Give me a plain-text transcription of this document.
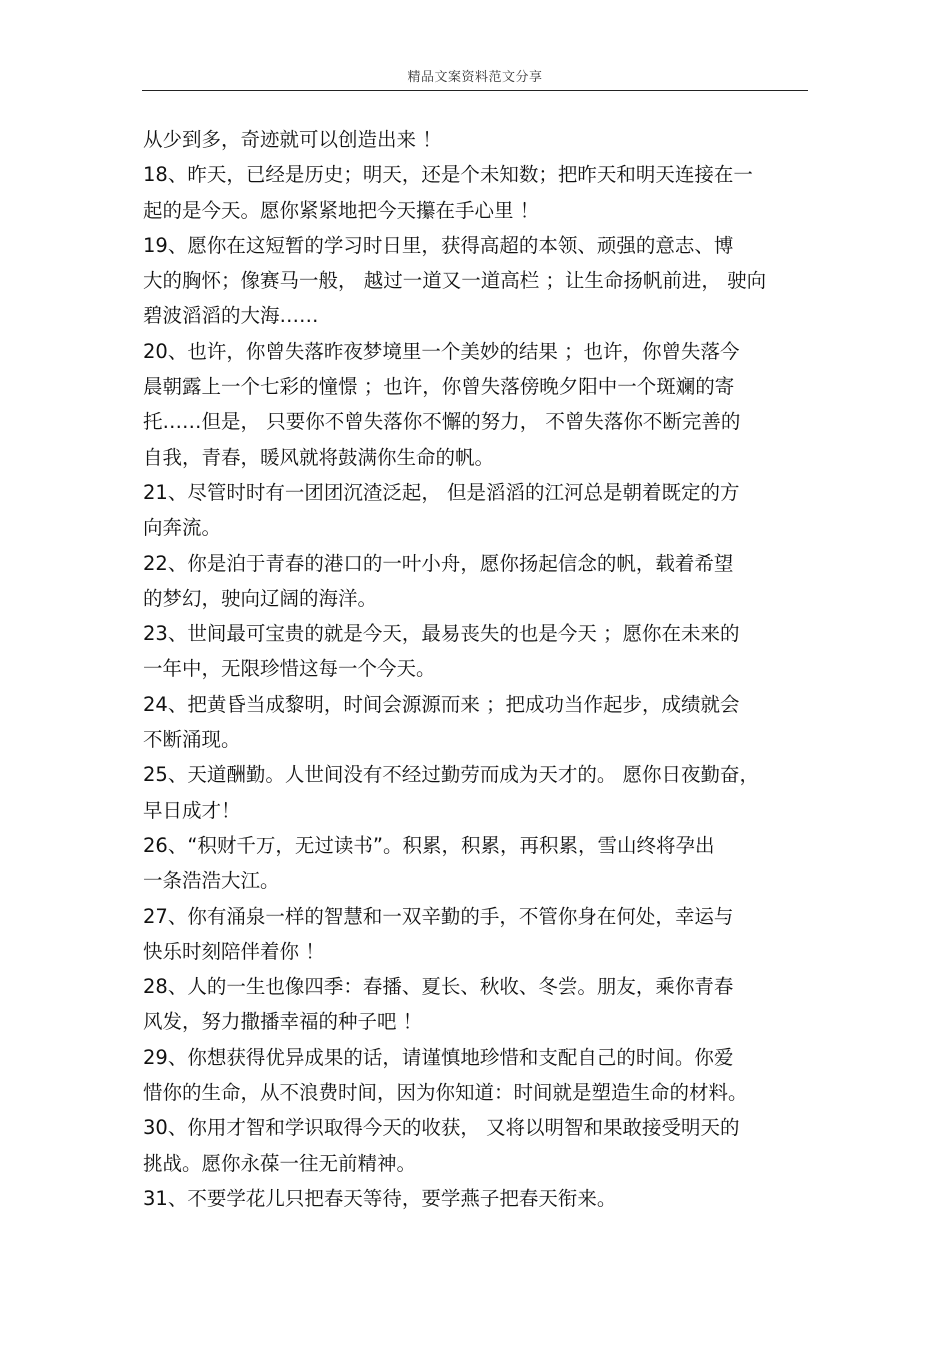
精品文案资料范文分享
从少到多，奇迹就可以创造出来 ！
18、昨天，已经是历史；明天，还是个未知数；把昨天和明天连接在一
起的是今天。愿你紧紧地把今天攥在手心里 ！
19、愿你在这短暂的学习时日里，获得高超的本领、顽强的意志、博
大的胸怀；像赛马一般， 越过一道又一道高栏 ；让生命扬帆前进， 驶向
碧波滔滔的大海……
20、也许，你曾失落昨夜梦境里一个美妙的结果 ；也许，你曾失落今
晨朝露上一个七彩的憧憬 ；也许，你曾失落傍晚夕阳中一个斑斓的寄
托……但是， 只要你不曾失落你不懈的努力， 不曾失落你不断完善的
自我，青春，暖风就将鼓满你生命的帆。
21、尽管时时有一团团沉渣泛起， 但是滔滔的江河总是朝着既定的方
向奔流。
22、你是泊于青春的港口的一叶小舟，愿你扬起信念的帆，载着希望
的梦幻，驶向辽阔的海洋。
23、世间最可宝贵的就是今天，最易丧失的也是今天 ；愿你在未来的
一年中，无限珍惜这每一个今天。
24、把黄昏当成黎明，时间会源源而来 ；把成功当作起步，成绩就会
不断涌现。
25、天道酬勤。人世间没有不经过勤劳而成为天才的。 愿你日夜勤奋，
早日成才！
26、“积财千万，无过读书”。积累，积累，再积累，雪山终将孕出
一条浩浩大江。
27、你有涌泉一样的智慧和一双辛勤的手，不管你身在何处，幸运与
快乐时刻陪伴着你 ！
28、人的一生也像四季：春播、夏长、秋收、冬尝。朋友，乘你青春
风发，努力撒播幸福的种子吧 ！
29、你想获得优异成果的话，请谨慎地珍惜和支配自己的时间。你爱
惜你的生命，从不浪费时间，因为你知道：时间就是塑造生命的材料。
30、你用才智和学识取得今天的收获， 又将以明智和果敢接受明天的
挑战。愿你永葆一往无前精神。
31、不要学花儿只把春天等待，要学燕子把春天衔来。
